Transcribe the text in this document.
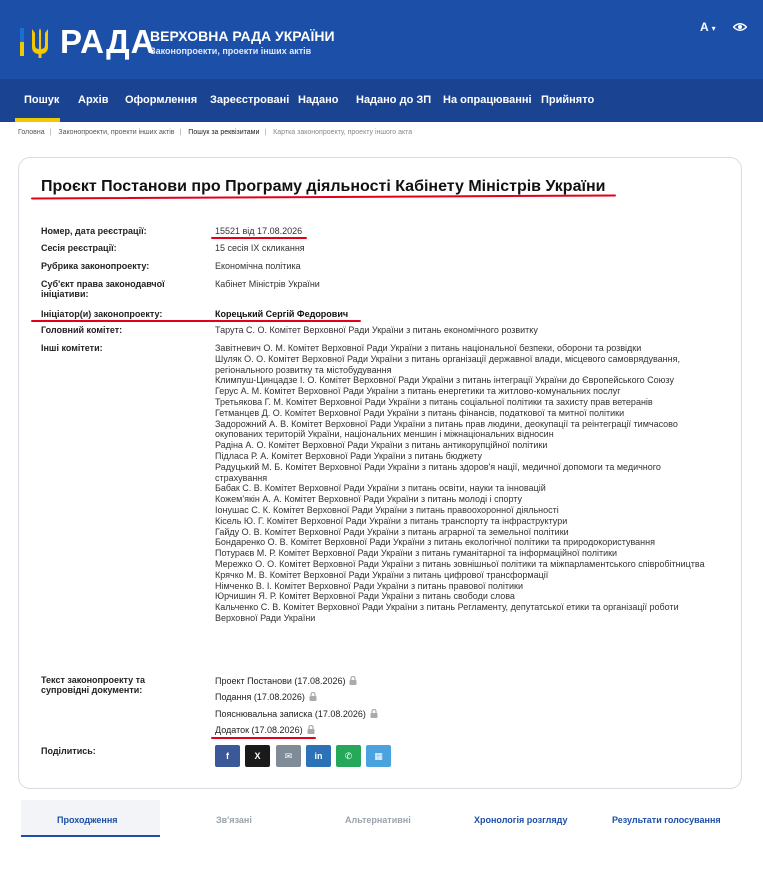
РАДА
ВЕРХОВНА РАДА УКРАЇНИ
Законопроекти, проекти інших актів
A ▾
Пошук Архів Оформлення Зареєстровані Надано Надано до ЗП На опрацюванні Прийнято
Головна | Законопроекти, проекти інших актів | Пошук за реквізитами | Картка законопроекту, проекту іншого акта
Проєкт Постанови про Програму діяльності Кабінету Міністрів України
Номер, дата реєстрації:	15521 від 17.08.2026
Сесія реєстрації:	15 сесія IX скликання
Рубрика законопроекту:	Економічна політика
Суб'єкт права законодавчої
ініціативи:
Кабінет Міністрів України
Ініціатор(и) законопроекту:	Корецький Сергій Федорович
Головний комітет:	Тарута С. О. Комітет Верховної Ради України з питань економічного розвитку
Інші комітети:	Завітневич О. М. Комітет Верховної Ради України з питань національної безпеки, оборони та розвідки
Шуляк О. О. Комітет Верховної Ради України з питань організації державної влади, місцевого самоврядування, регіонального розвитку та містобудування
Климпуш-Цинцадзе І. О. Комітет Верховної Ради України з питань інтеграції України до Європейського Союзу
Герус А. М. Комітет Верховної Ради України з питань енергетики та житлово-комунальних послуг
Третьякова Г. М. Комітет Верховної Ради України з питань соціальної політики та захисту прав ветеранів
Гетманцев Д. О. Комітет Верховної Ради України з питань фінансів, податкової та митної політики
Задорожний А. В. Комітет Верховної Ради України з питань прав людини, деокупації та реінтеграції тимчасово окупованих територій України, національних меншин і міжнаціональних відносин
Радіна А. О. Комітет Верховної Ради України з питань антикорупційної політики
Підласа Р. А. Комітет Верховної Ради України з питань бюджету
Радуцький М. Б. Комітет Верховної Ради України з питань здоров'я нації, медичної допомоги та медичного страхування
Бабак С. В. Комітет Верховної Ради України з питань освіти, науки та інновацій
Кожем'якін А. А. Комітет Верховної Ради України з питань молоді і спорту
Іонушас С. К. Комітет Верховної Ради України з питань правоохоронної діяльності
Кісель Ю. Г. Комітет Верховної Ради України з питань транспорту та інфраструктури
Гайду О. В. Комітет Верховної Ради України з питань аграрної та земельної політики
Бондаренко О. В. Комітет Верховної Ради України з питань екологічної політики та природокористування
Потураєв М. Р. Комітет Верховної Ради України з питань гуманітарної та інформаційної політики
Мережко О. О. Комітет Верховної Ради України з питань зовнішньої політики та міжпарламентського співробітництва
Крячко М. В. Комітет Верховної Ради України з питань цифрової трансформації
Німченко В. І. Комітет Верховної Ради України з питань правової політики
Юрчишин Я. Р. Комітет Верховної Ради України з питань свободи слова
Кальченко С. В. Комітет Верховної Ради України з питань Регламенту, депутатської етики та організації роботи Верховної Ради України
Текст законопроекту та
супровідні документи:
Проект Постанови (17.08.2026)
Подання (17.08.2026)
Пояснювальна записка (17.08.2026)
Додаток (17.08.2026)
Поділитись:	f	X	✉	in	✆	▦
Проходження	Зв'язані	Альтернативні	Хронологія розгляду	Результати голосування
